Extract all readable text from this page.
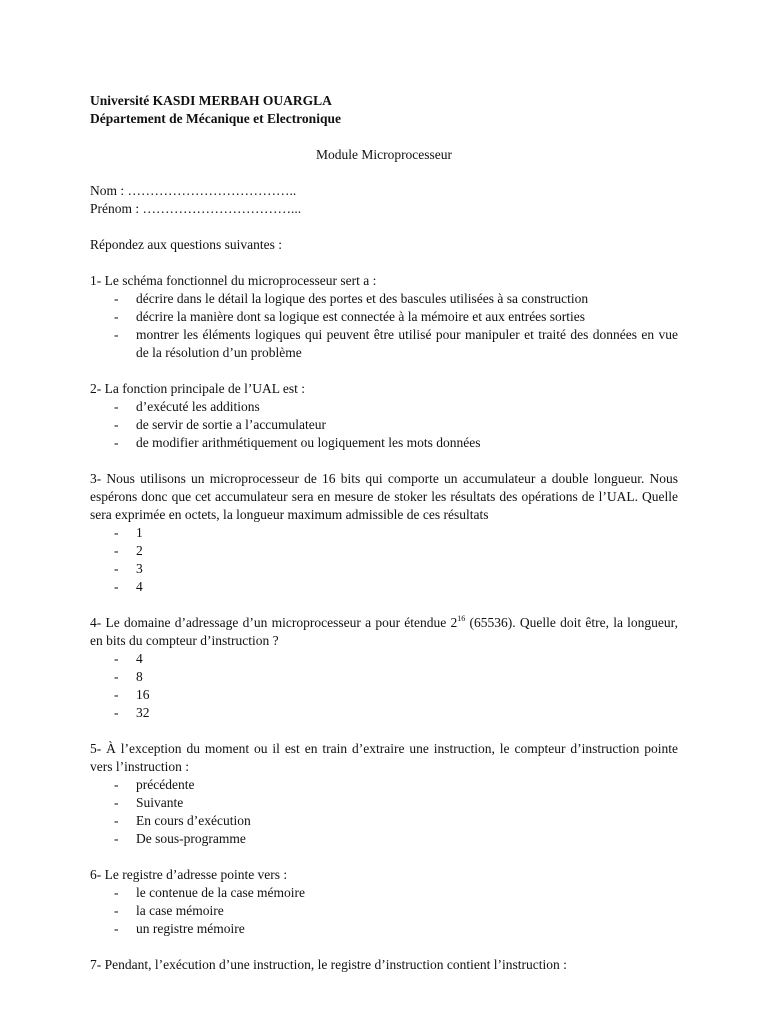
Université KASDI MERBAH OUARGLA
Département de Mécanique et Electronique
Module Microprocesseur
Nom : ………………………………..
Prénom : ……………………………...
Répondez aux questions suivantes :
1- Le schéma fonctionnel du microprocesseur sert a :
- décrire dans le détail la logique des portes et des bascules utilisées à sa construction
- décrire la manière dont sa logique est connectée à la mémoire et aux entrées sorties
- montrer les éléments logiques qui peuvent être utilisé pour manipuler et traité des données en vue de la résolution d’un problème
2- La fonction principale de l’UAL est :
- d’exécuté les additions
- de servir de sortie a l’accumulateur
- de modifier arithmétiquement ou logiquement les mots données
3- Nous utilisons un microprocesseur de 16 bits qui comporte un accumulateur a double longueur. Nous espérons donc que cet accumulateur sera en mesure de stoker les résultats des opérations de l’UAL. Quelle sera exprimée en octets, la longueur maximum admissible de ces résultats
- 1
- 2
- 3
- 4
4- Le domaine d’adressage d’un microprocesseur a pour étendue $2^{16}$ (65536). Quelle doit être, la longueur, en bits du compteur d’instruction ?
- 4
- 8
- 16
- 32
5- À l’exception du moment ou il est en train d’extraire une instruction, le compteur d’instruction pointe vers l’instruction :
- précédente
- Suivante
- En cours d’exécution
- De sous-programme
6- Le registre d’adresse pointe vers :
- le contenue de la case mémoire
- la case mémoire
- un registre mémoire
7- Pendant, l’exécution d’une instruction, le registre d’instruction contient l’instruction :
